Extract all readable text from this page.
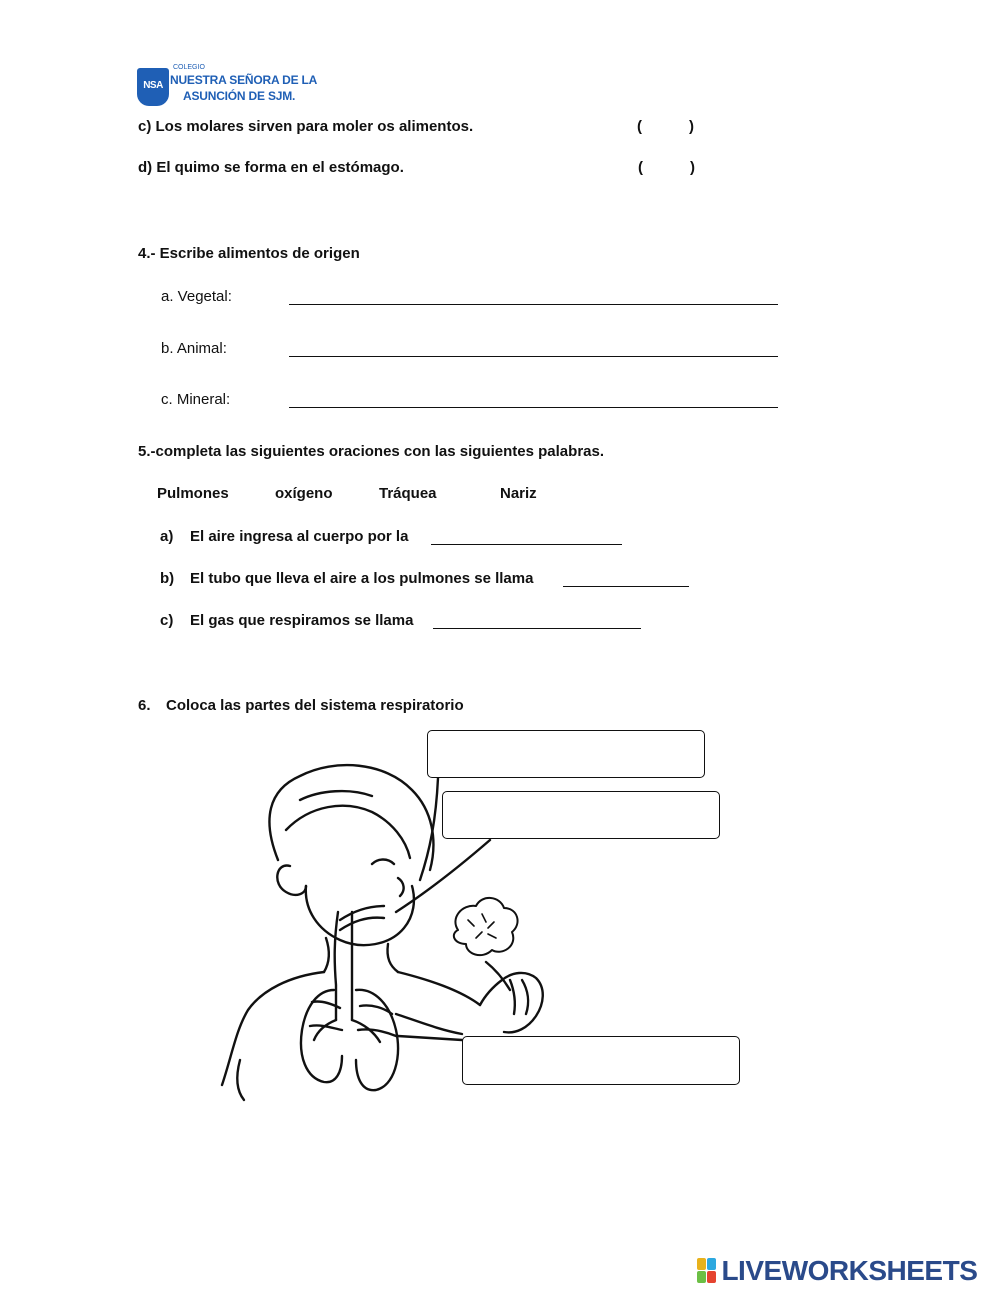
NSA
COLEGIO
NUESTRA SEÑORA DE LA
ASUNCIÓN DE SJM.
c) Los molares sirven para moler os alimentos.	(	)
d) El quimo se forma en el estómago.	(	)
4.- Escribe alimentos de origen
a. Vegetal:
b. Animal:
c. Mineral:
5.-completa las siguientes oraciones con las siguientes palabras.
Pulmones	oxígeno	Tráquea	Nariz
a) El aire ingresa al cuerpo por la
b) El tubo que lleva el aire a los pulmones se llama
c) El gas que respiramos se llama
6. Coloca las partes del sistema respiratorio
LIVEWORKSHEETS
